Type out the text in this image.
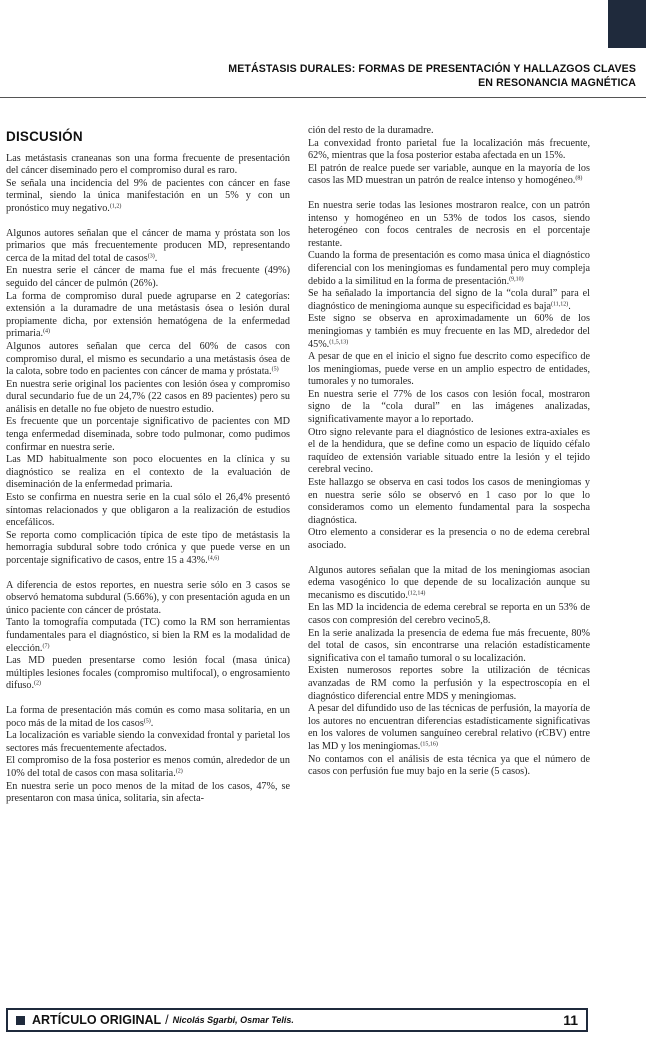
METÁSTASIS DURALES: FORMAS DE PRESENTACIÓN Y HALLAZGOS CLAVES
EN RESONANCIA MAGNÉTICA
DISCUSIÓN

Las metástasis craneanas son una forma frecuente de presentación del cáncer diseminado pero el compromiso dural es raro.

Se señala una incidencia del 9% de pacientes con cáncer en fase terminal, siendo la única manifestación en un 5% y con un pronóstico muy negativo.$^{(1,2)}$

Algunos autores señalan que el cáncer de mama y próstata son los primarios que más frecuentemente producen MD, representando cerca de la mitad del total de casos$^{(3)}$.

En nuestra serie el cáncer de mama fue el más frecuente (49%) seguido del cáncer de pulmón (26%).

La forma de compromiso dural puede agruparse en 2 categorías: extensión a la duramadre de una metástasis ósea o lesión dural propiamente dicha, por extensión hematógena de la enfermedad primaria.$^{(4)}$

Algunos autores señalan que cerca del 60% de casos con compromiso dural, el mismo es secundario a una metástasis ósea de la calota, sobre todo en pacientes con cáncer de mama y próstata.$^{(5)}$

En nuestra serie original los pacientes con lesión ósea y compromiso dural secundario fue de un 24,7% (22 casos en 89 pacientes) pero su análisis en detalle no fue objeto de nuestro estudio.

Es frecuente que un porcentaje significativo de pacientes con MD tenga enfermedad diseminada, sobre todo pulmonar, como pudimos confirmar en nuestra serie.

Las MD habitualmente son poco elocuentes en la clínica y su diagnóstico se realiza en el contexto de la evaluación de diseminación de la enfermedad primaria.

Esto se confirma en nuestra serie en la cual sólo el 26,4% presentó síntomas relacionados y que obligaron a la realización de estudios encefálicos.

Se reporta como complicación típica de este tipo de metástasis la hemorragia subdural sobre todo crónica y que puede verse en un porcentaje significativo de casos, entre 15 a 43%.$^{(4,6)}$

A diferencia de estos reportes, en nuestra serie sólo en 3 casos se observó hematoma subdural (5.66%), y con presentación aguda en un único paciente con cáncer de próstata.

Tanto la tomografía computada (TC) como la RM son herramientas fundamentales para el diagnóstico, si bien la RM es la modalidad de elección.$^{(7)}$

Las MD pueden presentarse como lesión focal (masa única) múltiples lesiones focales (compromiso multifocal), o engrosamiento difuso.$^{(2)}$

La forma de presentación más común es como masa solitaria, en un poco más de la mitad de los casos$^{(5)}$.

La localización es variable siendo la convexidad frontal y parietal los sectores más frecuentemente afectados.

El compromiso de la fosa posterior es menos común, alrededor de un 10% del total de casos con masa solitaria.$^{(2)}$

En nuestra serie un poco menos de la mitad de los casos, 47%, se presentaron con masa única, solitaria, sin afecta-

ción del resto de la duramadre.

La convexidad fronto parietal fue la localización más frecuente, 62%, mientras que la fosa posterior estaba afectada en un 15%.

El patrón de realce puede ser variable, aunque en la mayoría de los casos las MD muestran un patrón de realce intenso y homogéneo.$^{(8)}$

En nuestra serie todas las lesiones mostraron realce, con un patrón intenso y homogéneo en un 53% de todos los casos, siendo heterogéneo con focos centrales de necrosis en el porcentaje restante.

Cuando la forma de presentación es como masa única el diagnóstico diferencial con los meningiomas es fundamental pero muy compleja debido a la similitud en la forma de presentación.$^{(9,10)}$

Se ha señalado la importancia del signo de la “cola dural” para el diagnóstico de meningioma aunque su especificidad es baja$^{(11,12)}$.

Este signo se observa en aproximadamente un 60% de los meningiomas y también es muy frecuente en las MD, alrededor del 45%.$^{(1,5,13)}$

A pesar de que en el inicio el signo fue descrito como específico de los meningiomas, puede verse en un amplio espectro de entidades, tumorales y no tumorales.

En nuestra serie el 77% de los casos con lesión focal, mostraron signo de la “cola dural” en las imágenes analizadas, significativamente mayor a lo reportado.

Otro signo relevante para el diagnóstico de lesiones extra-axiales es el de la hendidura, que se define como un espacio de líquido céfalo raquídeo de extensión variable situado entre la lesión y el tejido cerebral vecino.

Este hallazgo se observa en casi todos los casos de meningiomas y en nuestra serie sólo se observó en 1 caso por lo que lo consideramos como un elemento fundamental para la sospecha diagnóstica.

Otro elemento a considerar es la presencia o no de edema cerebral asociado.

Algunos autores señalan que la mitad de los meningiomas asocian edema vasogénico lo que depende de su localización aunque su mecanismo es discutido.$^{(12,14)}$

En las MD la incidencia de edema cerebral se reporta en un 53% de casos con compresión del cerebro vecino5,8.

En la serie analizada la presencia de edema fue más frecuente, 80% del total de casos, sin encontrarse una relación estadísticamente significativa con el tamaño tumoral o su localización.

Existen numerosos reportes sobre la utilización de técnicas avanzadas de RM como la perfusión y la espectroscopía en el diagnóstico diferencial entre MDS y meningiomas.

A pesar del difundido uso de las técnicas de perfusión, la mayoría de los autores no encuentran diferencias estadísticamente significativas en los valores de volumen sanguíneo cerebral relativo (rCBV) entre las MD y los meningiomas.$^{(15,16)}$

No contamos con el análisis de esta técnica ya que el número de casos con perfusión fue muy bajo en la serie (5 casos).

ARTÍCULO ORIGINAL / Nicolás Sgarbi, Osmar Telis.	11
